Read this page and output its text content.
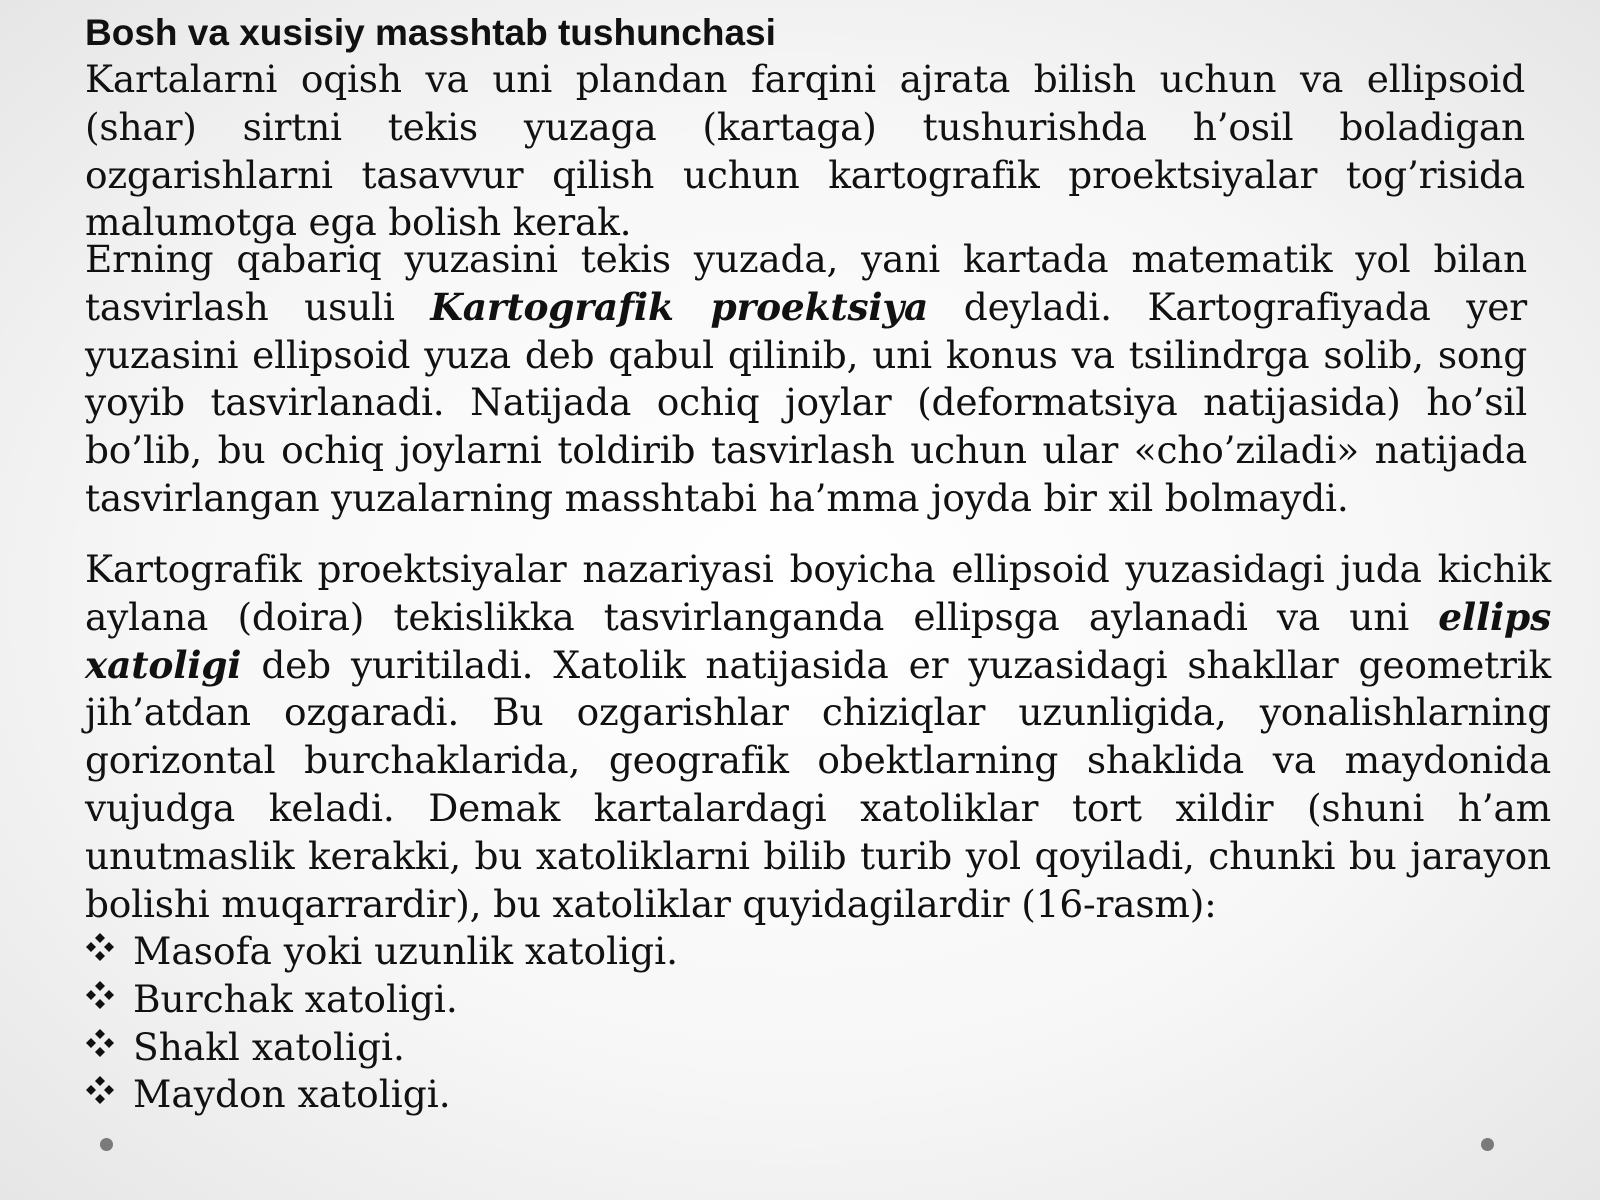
Bosh va xusisiy masshtab tushunchasi

Kartalarni oqish va uni plandan farqini ajrata bilish uchun va ellipsoid (shar) sirtni tekis yuzaga (kartaga) tushurishda h’osil boladigan ozgarishlarni tasavvur qilish uchun kartografik proektsiyalar tog’risida malumotga ega bolish kerak.

Erning qabariq yuzasini tekis yuzada, yani kartada matematik yol bilan tasvirlash usuli Kartografik proektsiya deyladi. Kartografiyada yer yuzasini ellipsoid yuza deb qabul qilinib, uni konus va tsilindrga solib, song yoyib tasvirlanadi. Natijada ochiq joylar (deformatsiya natijasida) ho’sil bo’lib, bu ochiq joylarni toldirib tasvirlash uchun ular «cho’ziladi» natijada tasvirlangan yuzalarning masshtabi ha’mma joyda bir xil bolmaydi.

Kartografik proektsiyalar nazariyasi boyicha ellipsoid yuzasidagi juda kichik aylana (doira) tekislikka tasvirlanganda ellipsga aylanadi va uni ellips xatoligi deb yuritiladi. Xatolik natijasida er yuzasidagi shakllar geometrik jih’atdan ozgaradi. Bu ozgarishlar chiziqlar uzunligida, yonalishlarning gorizontal burchaklarida, geografik obektlarning shaklida va maydonida vujudga keladi. Demak kartalardagi xatoliklar tort xildir (shuni h’am unutmaslik kerakki, bu xatoliklarni bilib turib yol qoyiladi, chunki bu jarayon bolishi muqarrardir), bu xatoliklar quyidagilardir (16-rasm):

Masofa yoki uzunlik xatoligi.
Burchak xatoligi.
Shakl xatoligi.
Maydon xatoligi.
